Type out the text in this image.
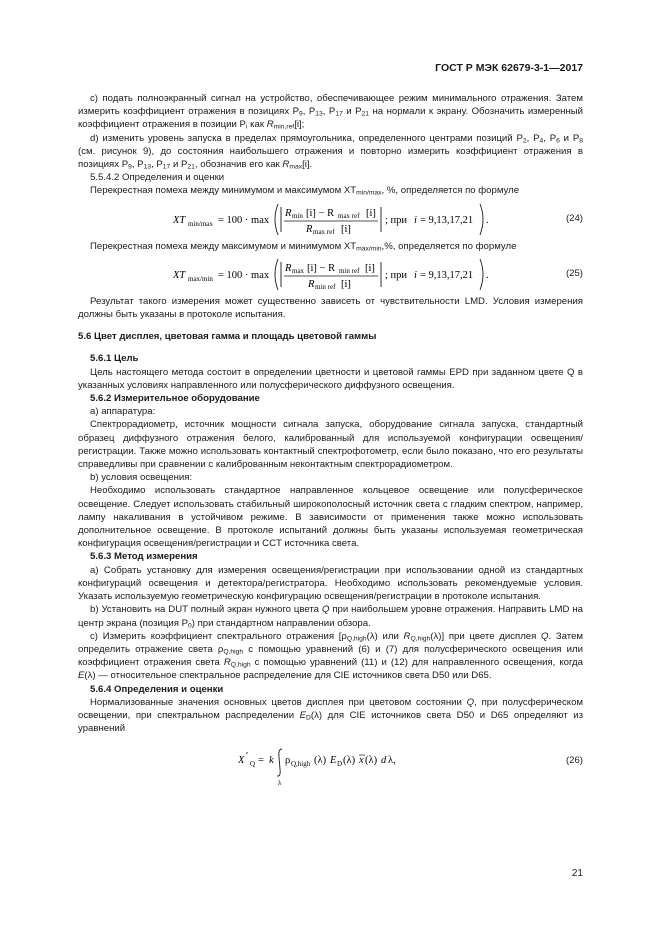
ГОСТ Р МЭК 62679-3-1—2017

с) подать полноэкранный сигнал на устройство, обеспечивающее режим минимального отражения. Затем измерить коэффициент отражения в позициях $P_9$, $P_{13}$, $P_{17}$ и $P_{21}$ на нормали к экрану. Обозначить измеренный коэффициент отражения в позиции $P_i$ как $R_{min,ref}[i]$;

d) изменить уровень запуска в пределах прямоугольника, определенного центрами позиций $P_2$, $P_4$, $P_6$ и $P_8$ (см. рисунок 9), до состояния наибольшего отражения и повторно измерить коэффициент отражения в позициях $P_9$, $P_{13}$, $P_{17}$ и $P_{21}$, обозначив его как $R_{max}[i]$.

5.5.4.2 Определения и оценки

Перекрестная помеха между минимумом и максимумом $XT_{min/max}$, %, определяется по формуле

XT min/max = 100 · max
R min [i] − R max ref [i]
R max ref [i]
; при i = 9,13,17,21 .	(24)

Перекрестная помеха между максимумом и минимумом $XT_{max/min},\%$, определяется по формуле

XT max/min = 100 · max
R max [i] − R min ref [i]
R min ref [i]
; при i = 9,13,17,21 .	(25)

Результат такого измерения может существенно зависеть от чувствительности LMD. Условия измерения должны быть указаны в протоколе испытания.

5.6 Цвет дисплея, цветовая гамма и площадь цветовой гаммы

5.6.1 Цель

Цель настоящего метода состоит в определении цветности и цветовой гаммы EPD при заданном цвете Q в указанных условиях направленного или полусферического диффузного освещения.

5.6.2 Измерительное оборудование

а) аппаратура:

Спектрорадиометр, источник мощности сигнала запуска, оборудование сигнала запуска, стандартный образец диффузного отражения белого, калиброванный для используемой конфигурации освещения/регистрации. Также можно использовать контактный спектрофотометр, если было показано, что его результаты справедливы при сравнении с калиброванным неконтактным спектрорадиометром.

b) условия освещения:

Необходимо использовать стандартное направленное кольцевое освещение или полусферическое освещение. Следует использовать стабильный широкополосный источник света с гладким спектром, например, лампу накаливания в устойчивом режиме. В зависимости от применения также можно использовать дополнительное освещение. В протоколе испытаний должны быть указаны используемая геометрическая конфигурация освещения/регистрации и CCT источника света.

5.6.3 Метод измерения

а) Собрать установку для измерения освещения/регистрации при использовании одной из стандартных конфигураций освещения и детектора/регистратора. Необходимо использовать рекомендуемые условия. Указать используемую геометрическую конфигурацию освещения/регистрации в протоколе испытания.

b) Установить на DUT полный экран нужного цвета Q при наибольшем уровне отражения. Направить LMD на центр экрана (позиция $P_0$) при стандартном направлении обзора.

с) Измерить коэффициент спектрального отражения [$\rho_{Q,high}(\lambda)$ или $R_{Q,high}(\lambda)$] при цвете дисплея Q. Затем определить отражение света $\rho_{Q,high}$ с помощью уравнений (6) и (7) для полусферического освещения или коэффициент отражения света $R_{Q,high}$ с помощью уравнений (11) и (12) для направленного освещения, когда E(λ) — относительное спектральное распределение для CIE источников света D50 или D65.

5.6.4 Определения и оценки

Нормализованные значения основных цветов дисплея при цветовом состоянии Q, при полусферическом освещении, при спектральном распределении $E_D(\lambda)$ для CIE источников света D50 и D65 определяют из уравнений

X '
Q = k
λ
ρ Q,high (λ) E D (λ) x (λ) d λ,	(26)
21
